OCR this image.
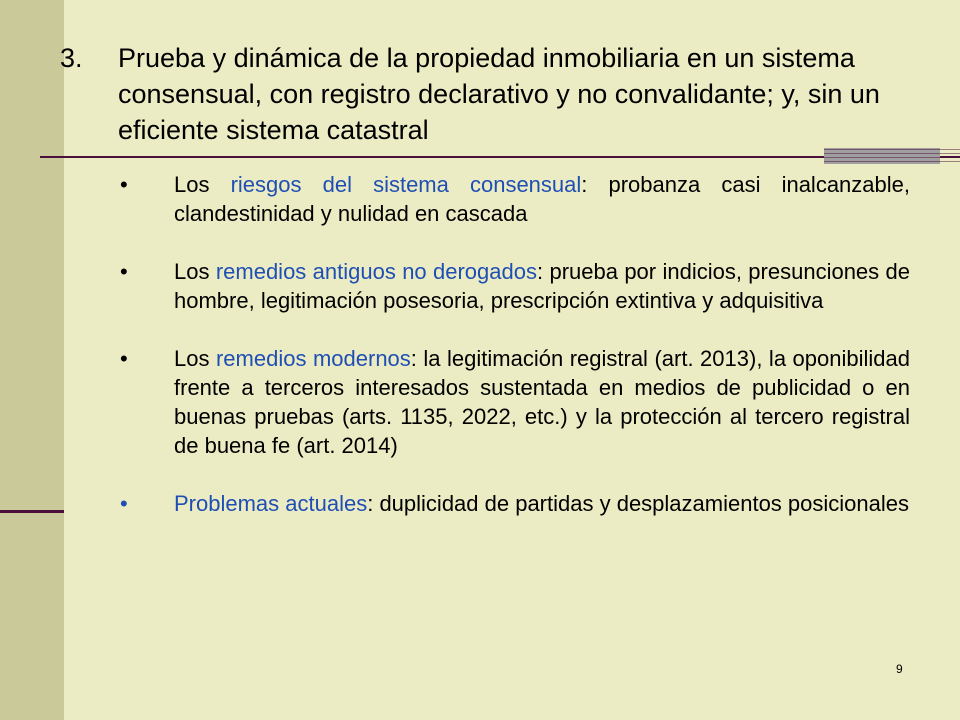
3. Prueba y dinámica de la propiedad inmobiliaria en un sistema consensual, con registro declarativo y no convalidante; y, sin un eficiente sistema catastral
•	Los riesgos del sistema consensual: probanza casi inalcanzable, clandestinidad y nulidad en cascada
•	Los remedios antiguos no derogados: prueba por indicios, presunciones de hombre, legitimación posesoria, prescripción extintiva y adquisitiva
•	Los remedios modernos: la legitimación registral (art. 2013), la oponibilidad frente a terceros interesados sustentada en medios de publicidad o en buenas pruebas (arts. 1135, 2022, etc.) y la protección al tercero registral de buena fe (art. 2014)
•	Problemas actuales: duplicidad de partidas y desplazamientos posicionales
9
